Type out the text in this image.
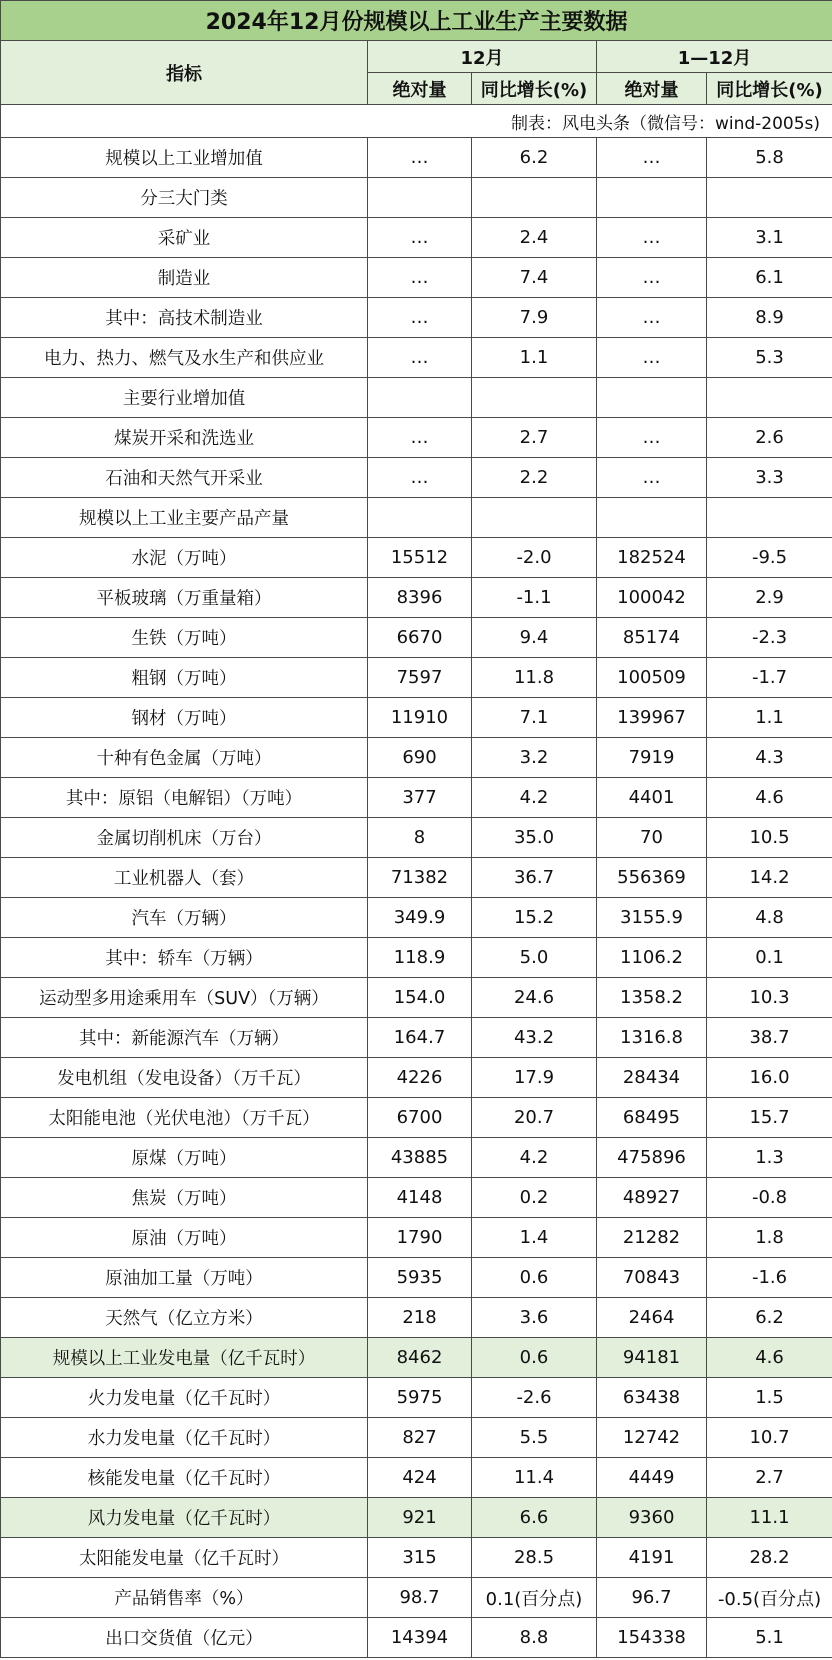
2024年12月份规模以上工业生产主要数据				
指标	12月		1—12月	
	绝对量	同比增长(%)	绝对量	同比增长(%)
制表：风电头条（微信号：wind-2005s)				
规模以上工业增加值	…	6.2	…	5.8
分三大门类				
采矿业	…	2.4	…	3.1
制造业	…	7.4	…	6.1
其中：高技术制造业	…	7.9	…	8.9
电力、热力、燃气及水生产和供应业	…	1.1	…	5.3
主要行业增加值				
煤炭开采和洗选业	…	2.7	…	2.6
石油和天然气开采业	…	2.2	…	3.3
规模以上工业主要产品产量				
水泥（万吨）	15512	-2.0	182524	-9.5
平板玻璃（万重量箱）	8396	-1.1	100042	2.9
生铁（万吨）	6670	9.4	85174	-2.3
粗钢（万吨）	7597	11.8	100509	-1.7
钢材（万吨）	11910	7.1	139967	1.1
十种有色金属（万吨）	690	3.2	7919	4.3
其中：原铝（电解铝）（万吨）	377	4.2	4401	4.6
金属切削机床（万台）	8	35.0	70	10.5
工业机器人（套）	71382	36.7	556369	14.2
汽车（万辆）	349.9	15.2	3155.9	4.8
其中：轿车（万辆）	118.9	5.0	1106.2	0.1
运动型多用途乘用车（SUV）（万辆）	154.0	24.6	1358.2	10.3
其中：新能源汽车（万辆）	164.7	43.2	1316.8	38.7
发电机组（发电设备）（万千瓦）	4226	17.9	28434	16.0
太阳能电池（光伏电池）（万千瓦）	6700	20.7	68495	15.7
原煤（万吨）	43885	4.2	475896	1.3
焦炭（万吨）	4148	0.2	48927	-0.8
原油（万吨）	1790	1.4	21282	1.8
原油加工量（万吨）	5935	0.6	70843	-1.6
天然气（亿立方米）	218	3.6	2464	6.2
规模以上工业发电量（亿千瓦时）	8462	0.6	94181	4.6
火力发电量（亿千瓦时）	5975	-2.6	63438	1.5
水力发电量（亿千瓦时）	827	5.5	12742	10.7
核能发电量（亿千瓦时）	424	11.4	4449	2.7
风力发电量（亿千瓦时）	921	6.6	9360	11.1
太阳能发电量（亿千瓦时）	315	28.5	4191	28.2
产品销售率（%）	98.7	0.1(百分点)	96.7	-0.5(百分点)
出口交货值（亿元）	14394	8.8	154338	5.1
